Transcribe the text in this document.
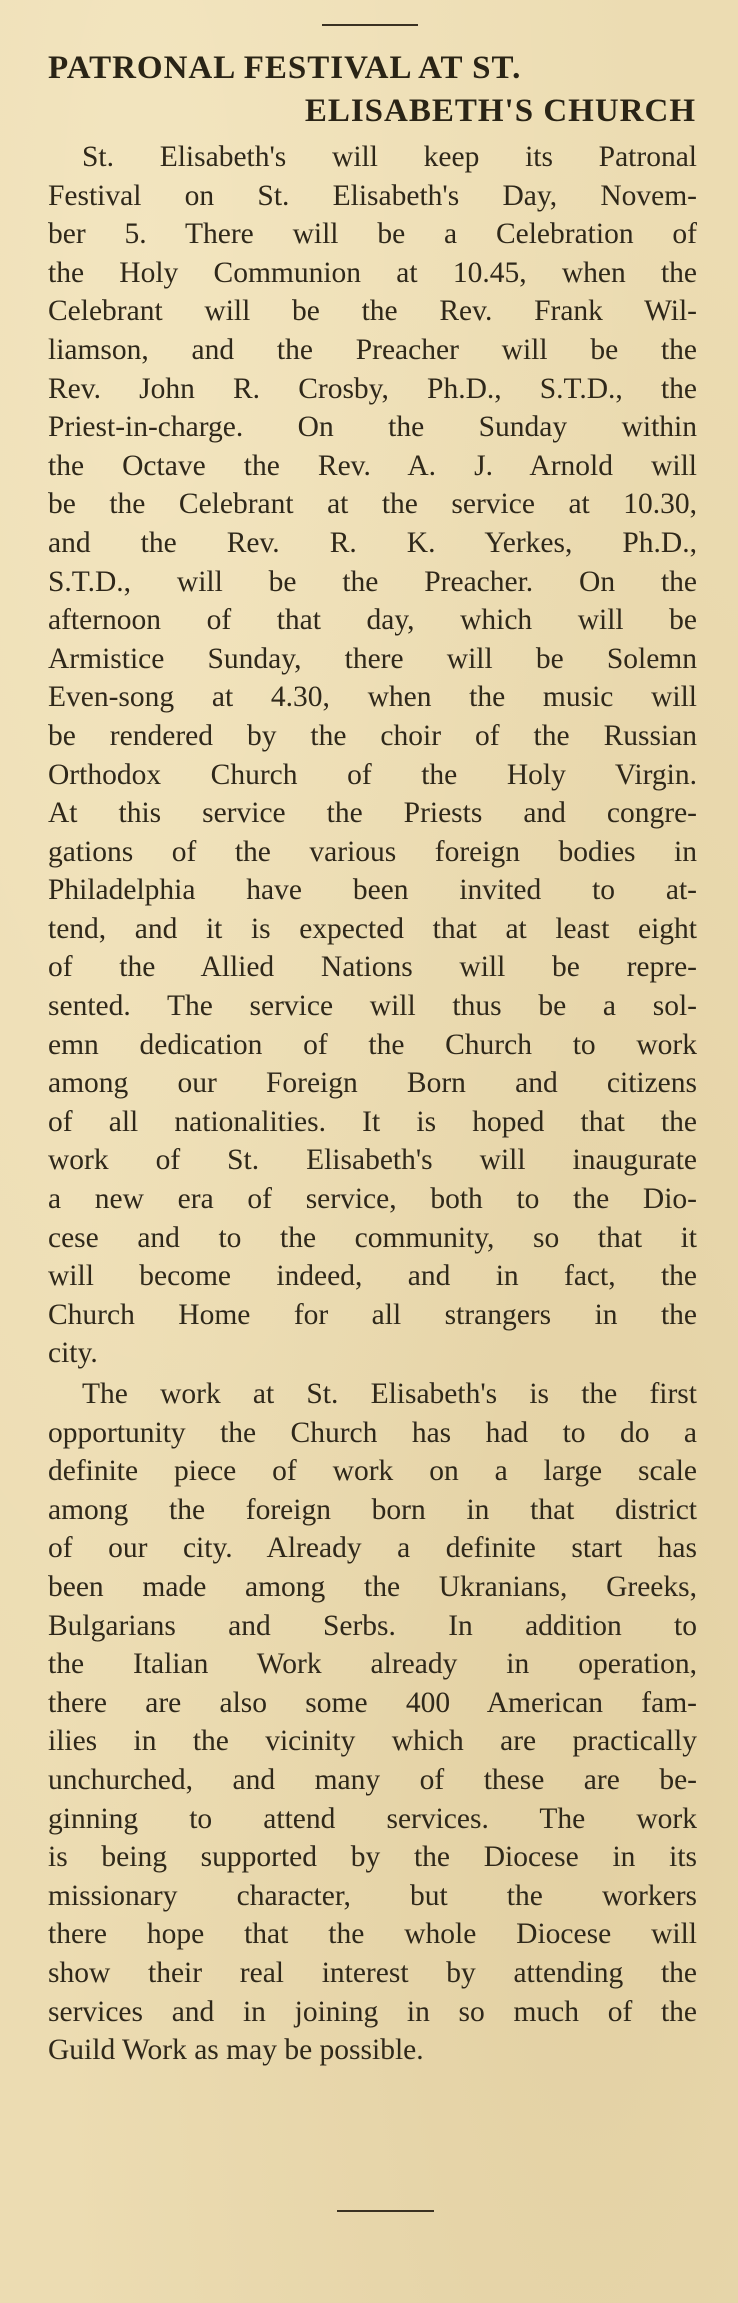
PATRONAL FESTIVAL AT ST.
ELISABETH'S CHURCH
St. Elisabeth's will keep its Patronal
Festival on St. Elisabeth's Day, Novem-
ber 5. There will be a Celebration of
the Holy Communion at 10.45, when the
Celebrant will be the Rev. Frank Wil-
liamson, and the Preacher will be the
Rev. John R. Crosby, Ph.D., S.T.D., the
Priest-in-charge. On the Sunday within
the Octave the Rev. A. J. Arnold will
be the Celebrant at the service at 10.30,
and the Rev. R. K. Yerkes, Ph.D.,
S.T.D., will be the Preacher. On the
afternoon of that day, which will be
Armistice Sunday, there will be Solemn
Even-song at 4.30, when the music will
be rendered by the choir of the Russian
Orthodox Church of the Holy Virgin.
At this service the Priests and congre-
gations of the various foreign bodies in
Philadelphia have been invited to at-
tend, and it is expected that at least eight
of the Allied Nations will be repre-
sented. The service will thus be a sol-
emn dedication of the Church to work
among our Foreign Born and citizens
of all nationalities. It is hoped that the
work of St. Elisabeth's will inaugurate
a new era of service, both to the Dio-
cese and to the community, so that it
will become indeed, and in fact, the
Church Home for all strangers in the
city.
The work at St. Elisabeth's is the first
opportunity the Church has had to do a
definite piece of work on a large scale
among the foreign born in that district
of our city. Already a definite start has
been made among the Ukranians, Greeks,
Bulgarians and Serbs. In addition to
the Italian Work already in operation,
there are also some 400 American fam-
ilies in the vicinity which are practically
unchurched, and many of these are be-
ginning to attend services. The work
is being supported by the Diocese in its
missionary character, but the workers
there hope that the whole Diocese will
show their real interest by attending the
services and in joining in so much of the
Guild Work as may be possible.
